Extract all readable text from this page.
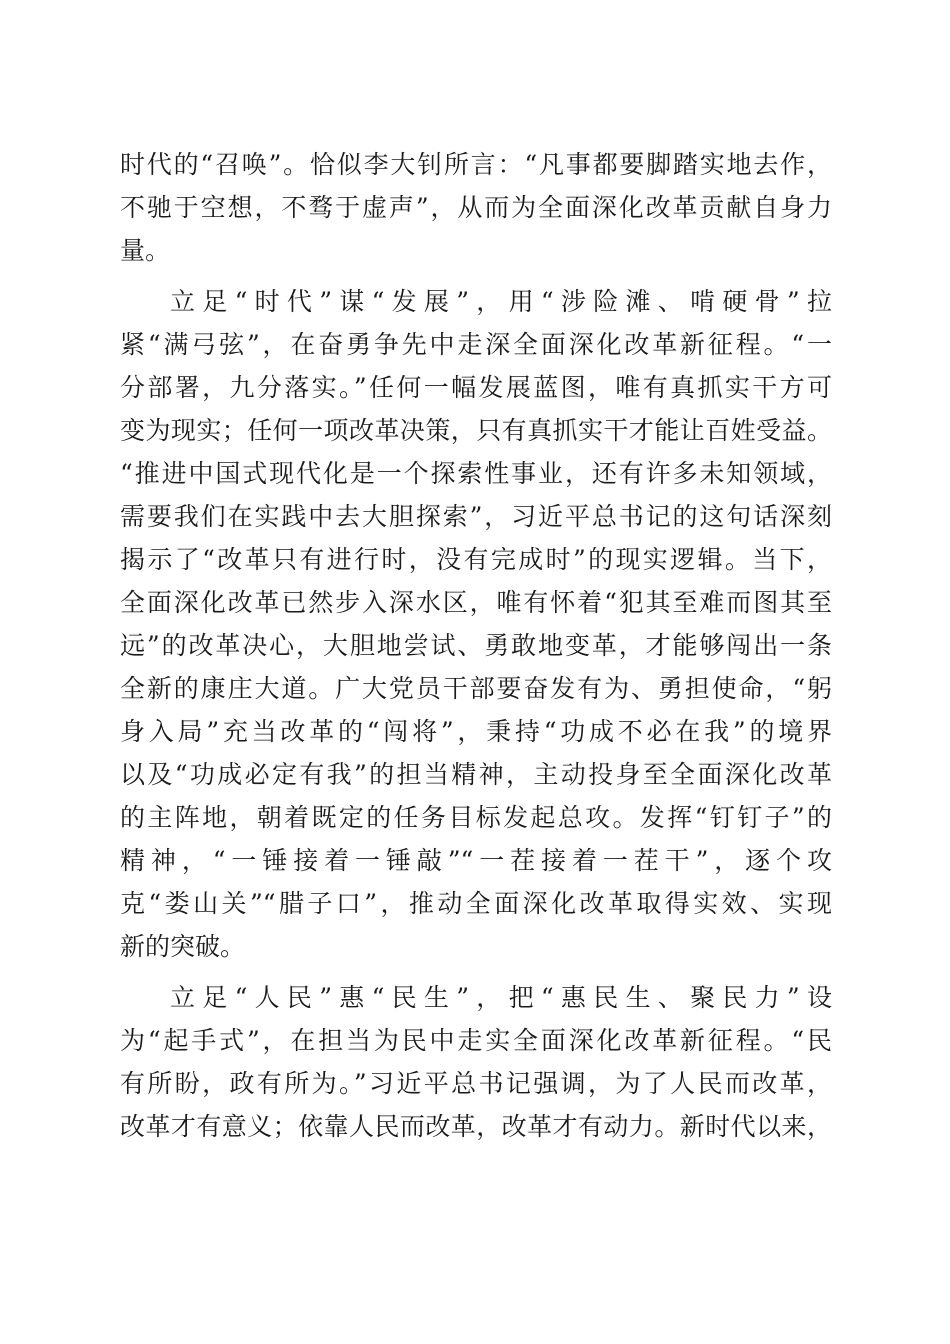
时代的“召唤”。恰似李大钊所言：“凡事都要脚踏实地去作，
不驰于空想，不骛于虚声”，从而为全面深化改革贡献自身力
量。
立足“时代”谋“发展”，用“涉险滩、啃硬骨”拉
紧“满弓弦”，在奋勇争先中走深全面深化改革新征程。“一
分部署，九分落实。”任何一幅发展蓝图，唯有真抓实干方可
变为现实；任何一项改革决策，只有真抓实干才能让百姓受益。
“推进中国式现代化是一个探索性事业，还有许多未知领域，
需要我们在实践中去大胆探索”，习近平总书记的这句话深刻
揭示了“改革只有进行时，没有完成时”的现实逻辑。当下，
全面深化改革已然步入深水区，唯有怀着“犯其至难而图其至
远”的改革决心，大胆地尝试、勇敢地变革，才能够闯出一条
全新的康庄大道。广大党员干部要奋发有为、勇担使命，“躬
身入局”充当改革的“闯将”，秉持“功成不必在我”的境界
以及“功成必定有我”的担当精神，主动投身至全面深化改革
的主阵地，朝着既定的任务目标发起总攻。发挥“钉钉子”的
精神，“一锤接着一锤敲”“一茬接着一茬干”，逐个攻
克“娄山关”“腊子口”，推动全面深化改革取得实效、实现
新的突破。
立足“人民”惠“民生”，把“惠民生、聚民力”设
为“起手式”，在担当为民中走实全面深化改革新征程。“民
有所盼，政有所为。”习近平总书记强调，为了人民而改革，
改革才有意义；依靠人民而改革，改革才有动力。新时代以来，
